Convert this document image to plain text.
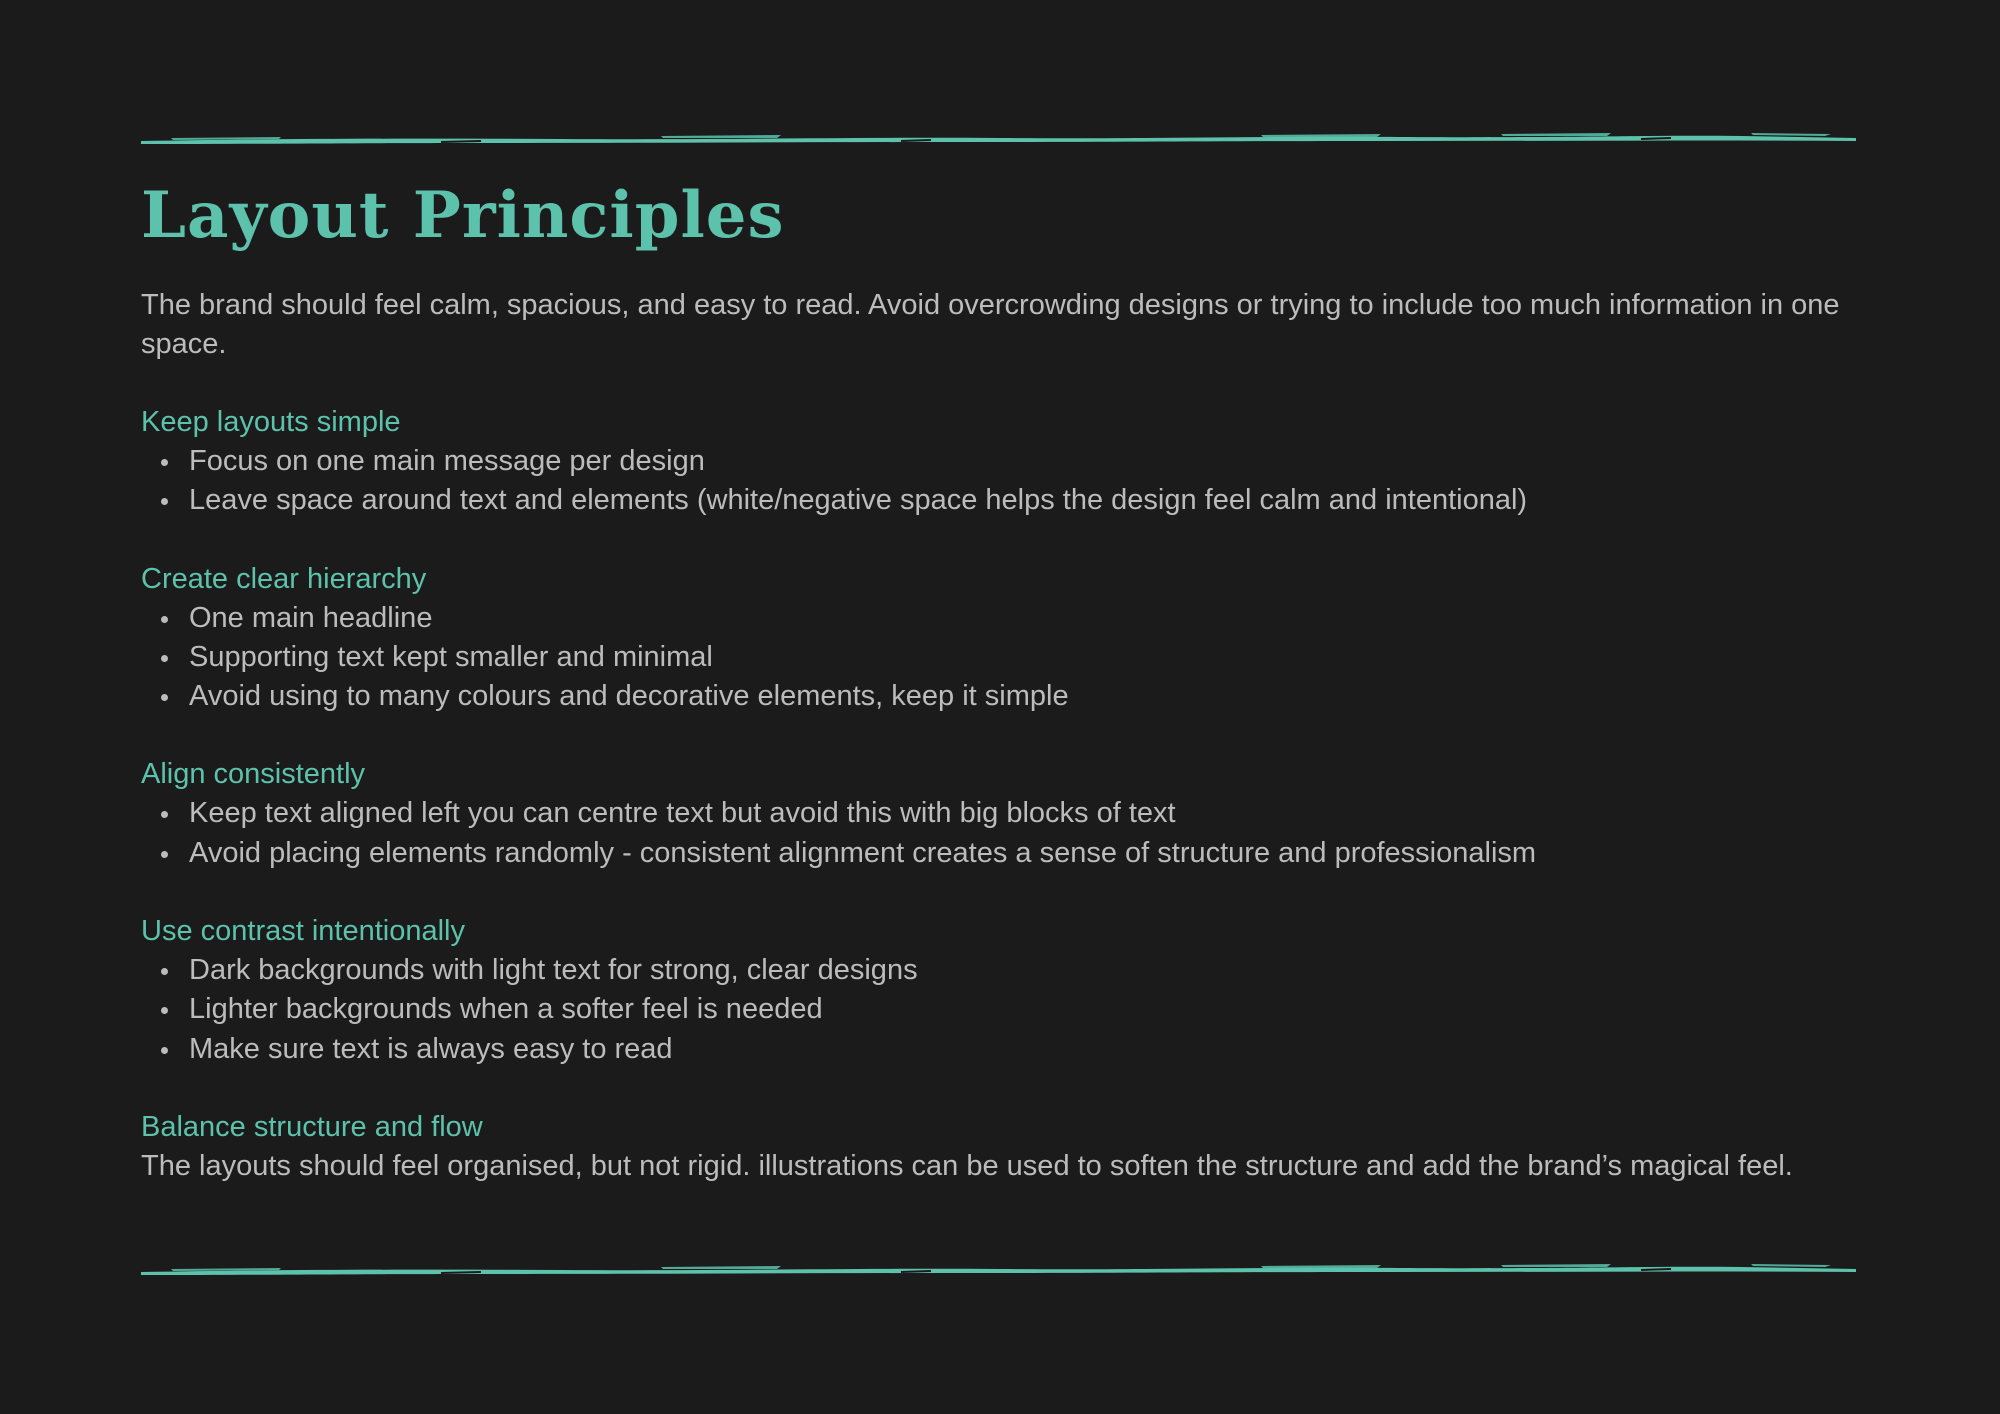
Layout Principles

The brand should feel calm, spacious, and easy to read. Avoid overcrowding designs or trying to include too much information in one space.

Keep layouts simple
Focus on one main message per design
Leave space around text and elements (white/negative space helps the design feel calm and intentional)
Create clear hierarchy
One main headline
Supporting text kept smaller and minimal
Avoid using to many colours and decorative elements, keep it simple
Align consistently
Keep text aligned left you can centre text but avoid this with big blocks of text
Avoid placing elements randomly - consistent alignment creates a sense of structure and professionalism
Use contrast intentionally
Dark backgrounds with light text for strong, clear designs
Lighter backgrounds when a softer feel is needed
Make sure text is always easy to read
Balance structure and flow

The layouts should feel organised, but not rigid. illustrations can be used to soften the structure and add the brand’s magical feel.
